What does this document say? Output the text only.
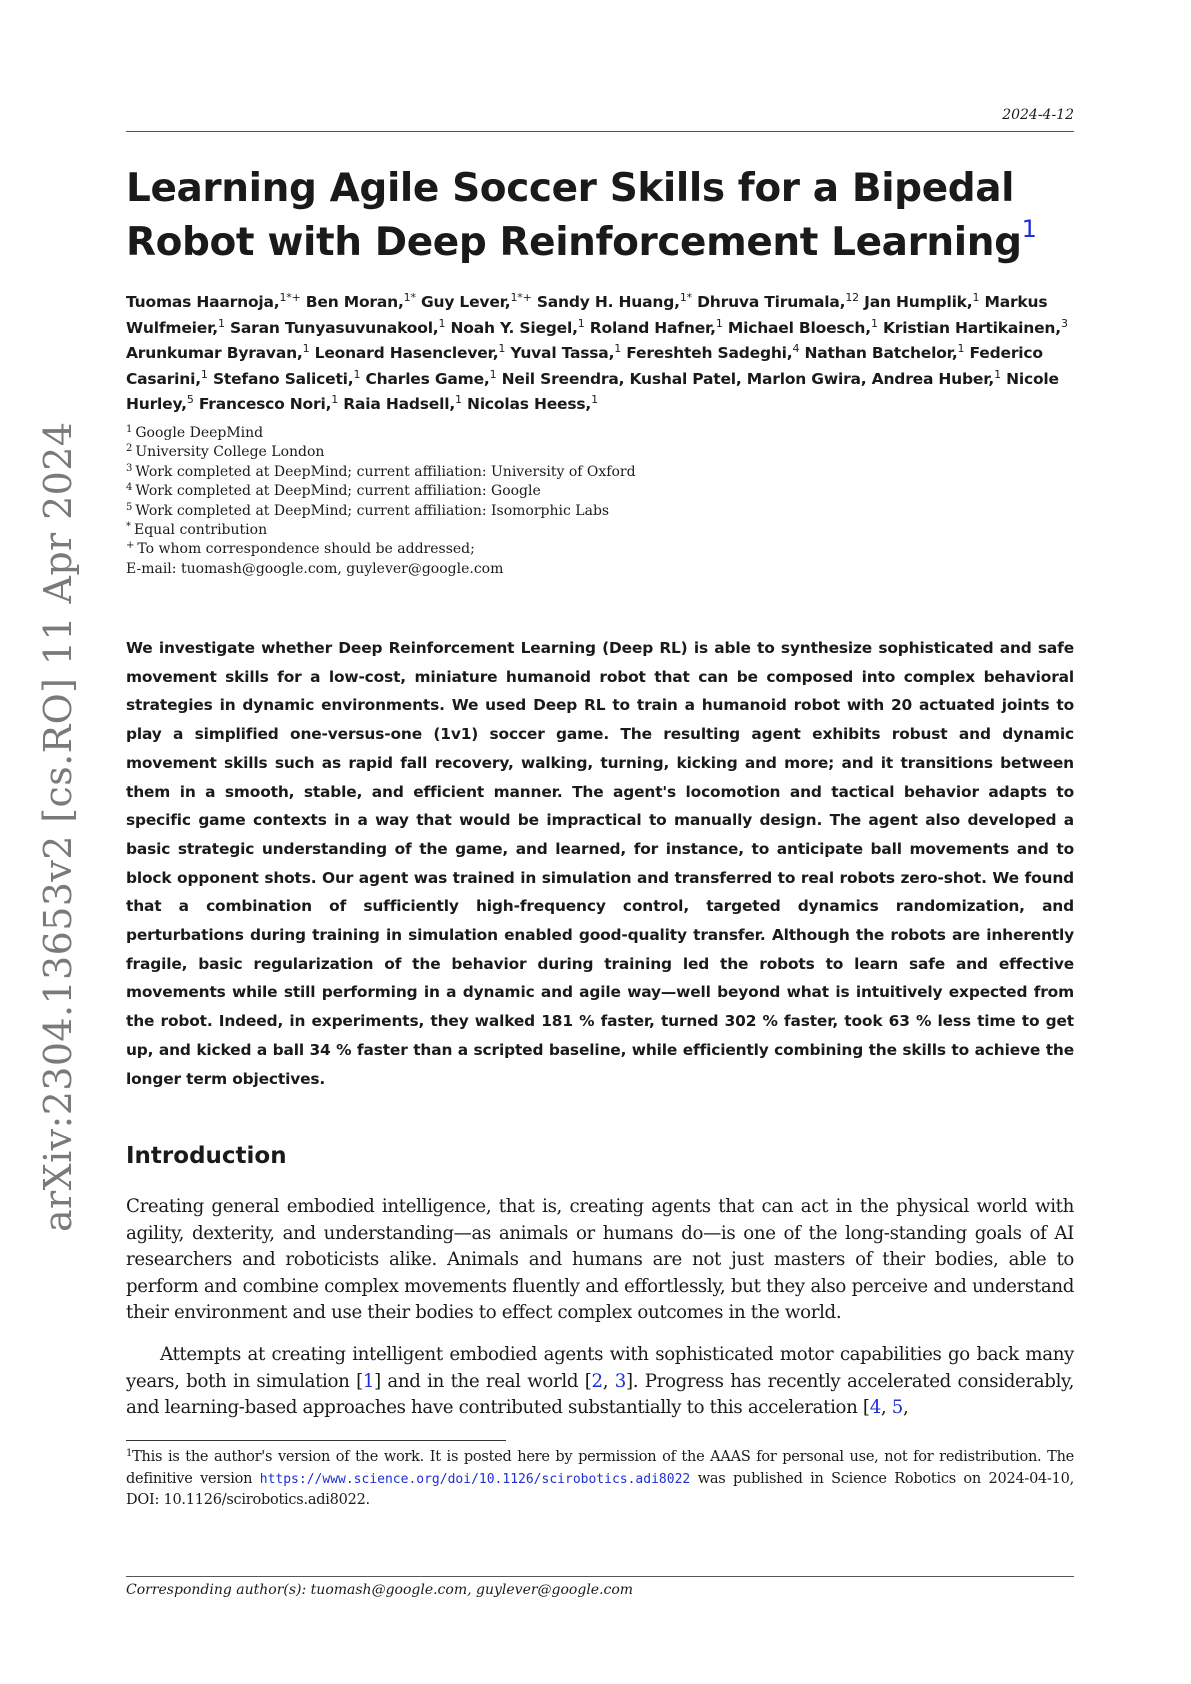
2024-4-12
Learning Agile Soccer Skills for a Bipedal
Robot with Deep Reinforcement Learning$^1$
Tuomas Haarnoja,$^{1*+}$ Ben Moran,$^{1*}$ Guy Lever,$^{1*+}$ Sandy H. Huang,$^{1*}$ Dhruva Tirumala,$^{12}$ Jan Humplik,$^1$ Markus Wulfmeier,$^1$ Saran Tunyasuvunakool,$^1$ Noah Y. Siegel,$^1$ Roland Hafner,$^1$ Michael Bloesch,$^1$ Kristian Hartikainen,$^3$ Arunkumar Byravan,$^1$ Leonard Hasenclever,$^1$ Yuval Tassa,$^1$ Fereshteh Sadeghi,$^4$ Nathan Batchelor,$^1$ Federico Casarini,$^1$ Stefano Saliceti,$^1$ Charles Game,$^1$ Neil Sreendra, Kushal Patel, Marlon Gwira, Andrea Huber,$^1$ Nicole Hurley,$^5$ Francesco Nori,$^1$ Raia Hadsell,$^1$ Nicolas Heess,$^1$
$^1$ Google DeepMind
$^2$ University College London
$^3$ Work completed at DeepMind; current affiliation: University of Oxford
$^4$ Work completed at DeepMind; current affiliation: Google
$^5$ Work completed at DeepMind; current affiliation: Isomorphic Labs
* Equal contribution
+ To whom correspondence should be addressed;
E-mail: tuomash@google.com, guylever@google.com
We investigate whether Deep Reinforcement Learning (Deep RL) is able to synthesize sophisticated and safe movement skills for a low-cost, miniature humanoid robot that can be composed into complex behavioral strategies in dynamic environments. We used Deep RL to train a humanoid robot with 20 actuated joints to play a simplified one-versus-one (1v1) soccer game. The resulting agent exhibits robust and dynamic movement skills such as rapid fall recovery, walking, turning, kicking and more; and it transitions between them in a smooth, stable, and efficient manner. The agent's locomotion and tactical behavior adapts to specific game contexts in a way that would be impractical to manually design. The agent also developed a basic strategic understanding of the game, and learned, for instance, to anticipate ball movements and to block opponent shots. Our agent was trained in simulation and transferred to real robots zero-shot. We found that a combination of sufficiently high-frequency control, targeted dynamics randomization, and perturbations during training in simulation enabled good-quality transfer. Although the robots are inherently fragile, basic regularization of the behavior during training led the robots to learn safe and effective movements while still performing in a dynamic and agile way—well beyond what is intuitively expected from the robot. Indeed, in experiments, they walked 181 % faster, turned 302 % faster, took 63 % less time to get up, and kicked a ball 34 % faster than a scripted baseline, while efficiently combining the skills to achieve the longer term objectives.
Introduction

Creating general embodied intelligence, that is, creating agents that can act in the physical world with agility, dexterity, and understanding—as animals or humans do—is one of the long-standing goals of AI researchers and roboticists alike. Animals and humans are not just masters of their bodies, able to perform and combine complex movements fluently and effortlessly, but they also perceive and understand their environment and use their bodies to effect complex outcomes in the world.

Attempts at creating intelligent embodied agents with sophisticated motor capabilities go back many years, both in simulation [1] and in the real world [2, 3]. Progress has recently accelerated considerably, and learning-based approaches have contributed substantially to this acceleration [4, 5,

$^1$This is the author's version of the work. It is posted here by permission of the AAAS for personal use, not for redistribution. The definitive version https://www.science.org/doi/10.1126/scirobotics.adi8022 was published in Science Robotics on 2024-04-10, DOI: 10.1126/scirobotics.adi8022.
Corresponding author(s): tuomash@google.com, guylever@google.com
arXiv:2304.13653v2 [cs.RO] 11 Apr 2024
